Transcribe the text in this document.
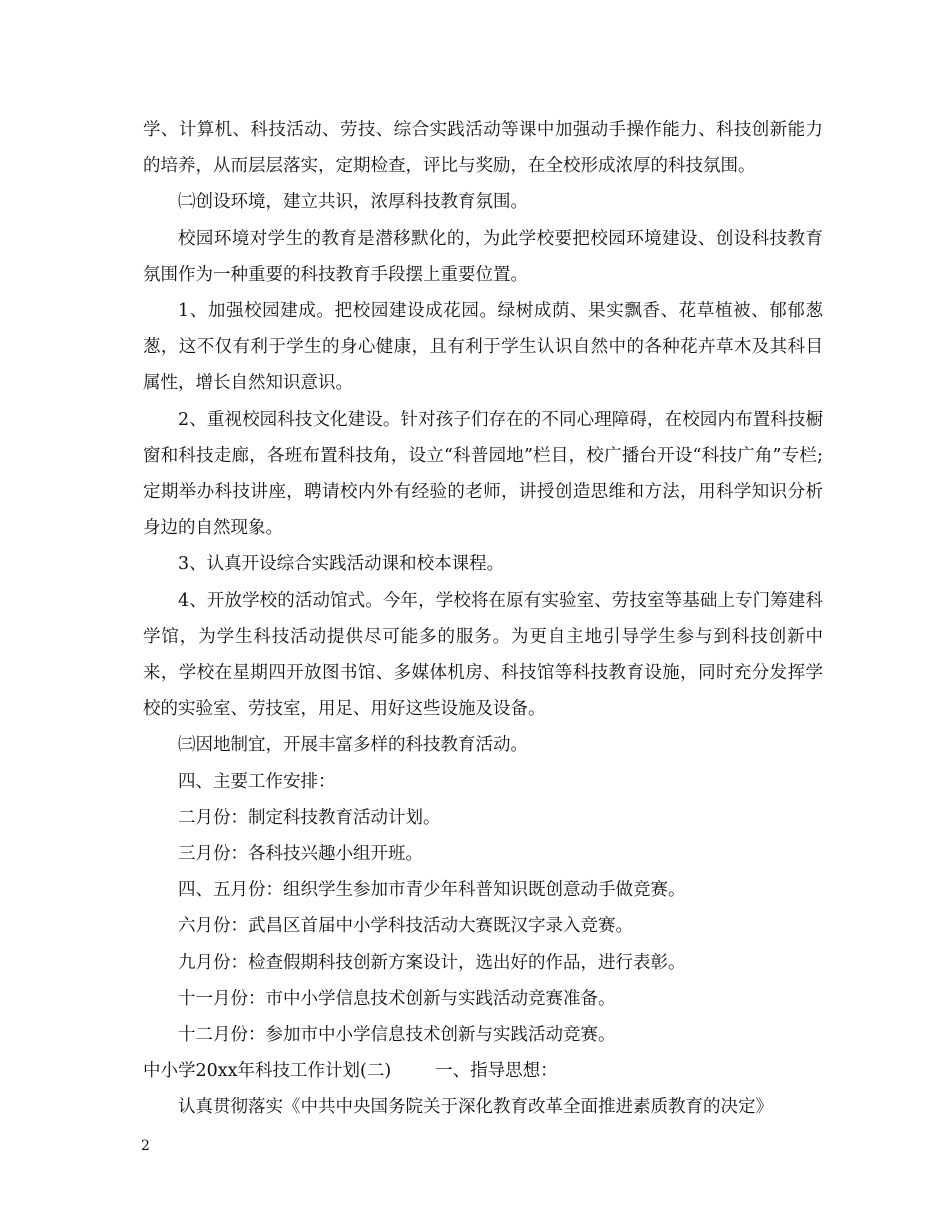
学、计算机、科技活动、劳技、综合实践活动等课中加强动手操作能力、科技创新能力的培养，从而层层落实，定期检查，评比与奖励，在全校形成浓厚的科技氛围。

㈡创设环境，建立共识，浓厚科技教育氛围。

校园环境对学生的教育是潜移默化的，为此学校要把校园环境建设、创设科技教育氛围作为一种重要的科技教育手段摆上重要位置。

1、加强校园建成。把校园建设成花园。绿树成荫、果实飘香、花草植被、郁郁葱葱，这不仅有利于学生的身心健康，且有利于学生认识自然中的各种花卉草木及其科目属性，增长自然知识意识。

2、重视校园科技文化建设。针对孩子们存在的不同心理障碍，在校园内布置科技橱窗和科技走廊，各班布置科技角，设立“科普园地”栏目，校广播台开设“科技广角”专栏;定期举办科技讲座，聘请校内外有经验的老师，讲授创造思维和方法，用科学知识分析身边的自然现象。

3、认真开设综合实践活动课和校本课程。

4、开放学校的活动馆式。今年，学校将在原有实验室、劳技室等基础上专门筹建科学馆，为学生科技活动提供尽可能多的服务。为更自主地引导学生参与到科技创新中来，学校在星期四开放图书馆、多媒体机房、科技馆等科技教育设施，同时充分发挥学校的实验室、劳技室，用足、用好这些设施及设备。

㈢因地制宜，开展丰富多样的科技教育活动。

四、主要工作安排：

二月份：制定科技教育活动计划。

三月份：各科技兴趣小组开班。

四、五月份：组织学生参加市青少年科普知识既创意动手做竞赛。

六月份：武昌区首届中小学科技活动大赛既汉字录入竞赛。

九月份：检查假期科技创新方案设计，选出好的作品，进行表彰。

十一月份：市中小学信息技术创新与实践活动竞赛准备。

十二月份：参加市中小学信息技术创新与实践活动竞赛。

中小学20xx年科技工作计划(二)	一、指导思想：

认真贯彻落实《中共中央国务院关于深化教育改革全面推进素质教育的决定》

2
